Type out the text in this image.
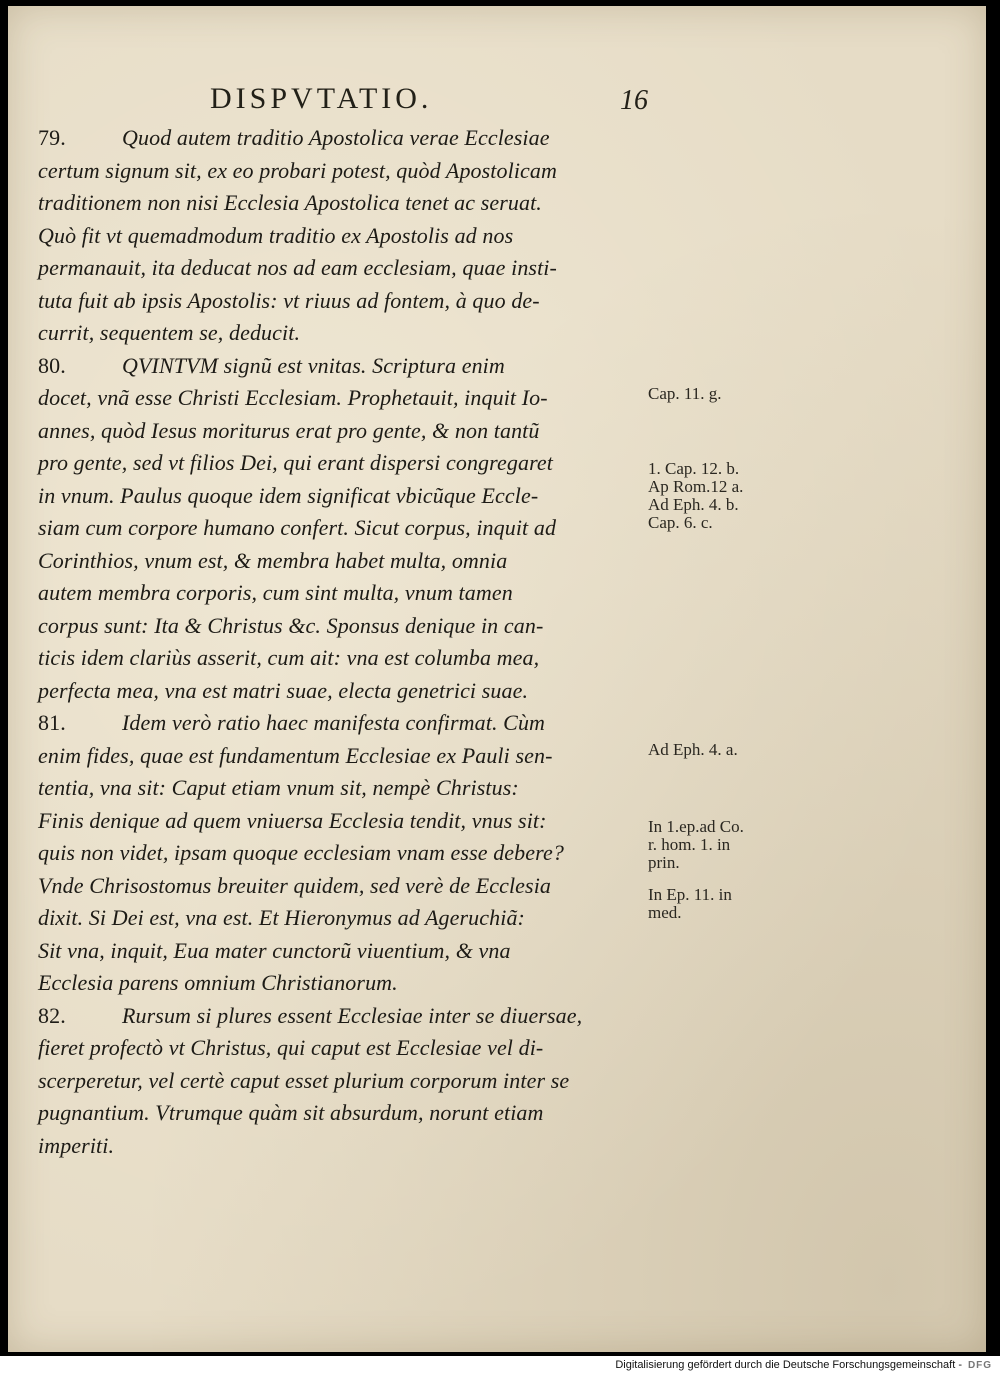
DISPVTATIO.	16
79.	Quod autem traditio Apostolica verae Ecclesiae
certum signum sit, ex eo probari potest, quòd Apostolicam
traditionem non nisi Ecclesia Apostolica tenet ac seruat.
Quò fit vt quemadmodum traditio ex Apostolis ad nos
permanauit, ita deducat nos ad eam ecclesiam, quae insti-
tuta fuit ab ipsis Apostolis: vt riuus ad fontem, à quo de-
currit, sequentem se, deducit.
80.	QVINTVM signũ est vnitas. Scriptura enim
docet, vnã esse Christi Ecclesiam. Prophetauit, inquit Io-
annes, quòd Iesus moriturus erat pro gente, & non tantũ
pro gente, sed vt filios Dei, qui erant dispersi congregaret
in vnum. Paulus quoque idem significat vbicũque Eccle-
siam cum corpore humano confert. Sicut corpus, inquit ad
Corinthios, vnum est, & membra habet multa, omnia
autem membra corporis, cum sint multa, vnum tamen
corpus sunt: Ita & Christus &c. Sponsus denique in can-
ticis idem clariùs asserit, cum ait: vna est columba mea,
perfecta mea, vna est matri suae, electa genetrici suae.
81.	Idem verò ratio haec manifesta confirmat. Cùm
enim fides, quae est fundamentum Ecclesiae ex Pauli sen-
tentia, vna sit: Caput etiam vnum sit, nempè Christus:
Finis denique ad quem vniuersa Ecclesia tendit, vnus sit:
quis non videt, ipsam quoque ecclesiam vnam esse debere?
Vnde Chrisostomus breuiter quidem, sed verè de Ecclesia
dixit. Si Dei est, vna est. Et Hieronymus ad Ageruchiã:
Sit vna, inquit, Eua mater cunctorũ viuentium, & vna
Ecclesia parens omnium Christianorum.
82.	Rursum si plures essent Ecclesiae inter se diuersae,
fieret profectò vt Christus, qui caput est Ecclesiae vel di-
scerperetur, vel certè caput esset plurium corporum inter se
pugnantium. Vtrumque quàm sit absurdum, norunt etiam
imperiti.
Cap. 11. g.
1. Cap. 12. b.
Ap Rom.12 a.
Ad Eph. 4. b.
Cap. 6. c.
Ad Eph. 4. a.
In 1.ep.ad Co.
r. hom. 1. in
prin.
In Ep. 11. in
med.
Digitalisierung gefördert durch die Deutsche Forschungsgemeinschaft - DFG
